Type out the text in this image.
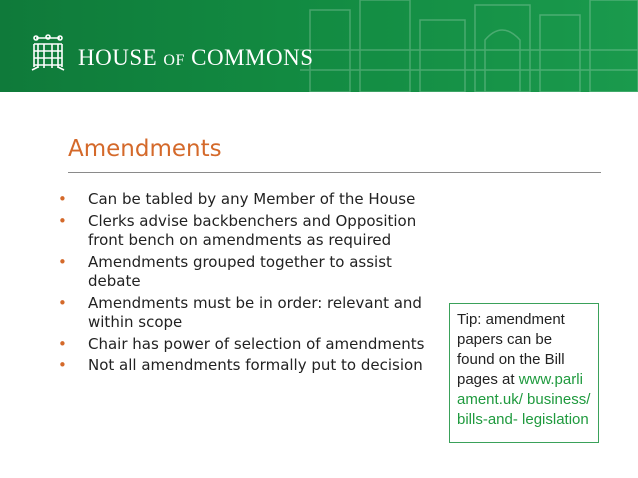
HOUSE OF COMMONS
Amendments
• Can be tabled by any Member of the House
• Clerks advise backbenchers and Opposition front bench on amendments as required
• Amendments grouped together to assist debate
• Amendments must be in order: relevant and within scope
• Chair has power of selection of amendments
• Not all amendments formally put to decision
Tip: amendment papers can be found on the Bill pages at www.parliament.uk/ business/bills-and- legislation
